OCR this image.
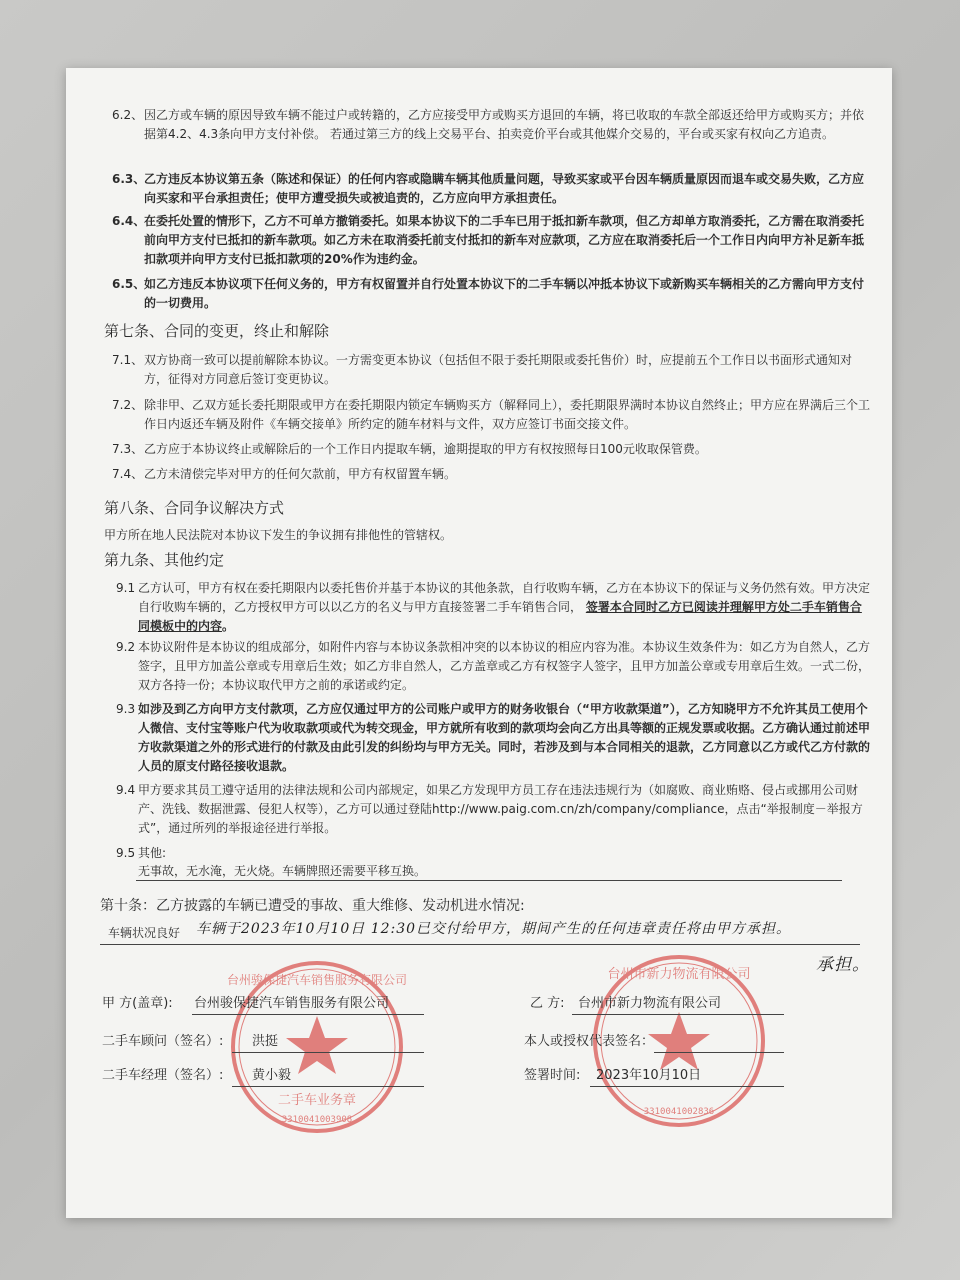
6.2、 因乙方或车辆的原因导致车辆不能过户或转籍的，乙方应接受甲方或购买方退回的车辆，将已收取的车款全部返还给甲方或购买方；并依据第4.2、4.3条向甲方支付补偿。 若通过第三方的线上交易平台、拍卖竞价平台或其他媒介交易的，平台或买家有权向乙方追责。
6.3、
乙方违反本协议第五条（陈述和保证）的任何内容或隐瞒车辆其他质量问题，导致买家或平台因车辆质量原因而退车或交易失败，乙方应向买家和平台承担责任；使甲方遭受损失或被追责的，乙方应向甲方承担责任。
6.4、
在委托处置的情形下，乙方不可单方撤销委托。如果本协议下的二手车已用于抵扣新车款项，但乙方却单方取消委托，乙方需在取消委托前向甲方支付已抵扣的新车款项。如乙方未在取消委托前支付抵扣的新车对应款项，乙方应在取消委托后一个工作日内向甲方补足新车抵扣款项并向甲方支付已抵扣款项的20%作为违约金。
6.5、
如乙方违反本协议项下任何义务的，甲方有权留置并自行处置本协议下的二手车辆以冲抵本协议下或新购买车辆相关的乙方需向甲方支付的一切费用。
第七条、合同的变更，终止和解除
7.1、 双方协商一致可以提前解除本协议。一方需变更本协议（包括但不限于委托期限或委托售价）时，应提前五个工作日以书面形式通知对方，征得对方同意后签订变更协议。
7.2、 除非甲、乙双方延长委托期限或甲方在委托期限内锁定车辆购买方（解释同上），委托期限界满时本协议自然终止；甲方应在界满后三个工作日内返还车辆及附件《车辆交接单》所约定的随车材料与文件，双方应签订书面交接文件。
7.3、 乙方应于本协议终止或解除后的一个工作日内提取车辆，逾期提取的甲方有权按照每日100元收取保管费。
7.4、 乙方未清偿完毕对甲方的任何欠款前，甲方有权留置车辆。
第八条、合同争议解决方式
甲方所在地人民法院对本协议下发生的争议拥有排他性的管辖权。
第九条、其他约定
9.1 乙方认可，甲方有权在委托期限内以委托售价并基于本协议的其他条款，自行收购车辆，乙方在本协议下的保证与义务仍然有效。甲方决定自行收购车辆的，乙方授权甲方可以以乙方的名义与甲方直接签署二手车销售合同， 签署本合同时乙方已阅读并理解甲方处二手车销售合同模板中的内容。
9.2 本协议附件是本协议的组成部分，如附件内容与本协议条款相冲突的以本协议的相应内容为准。本协议生效条件为：如乙方为自然人，乙方签字，且甲方加盖公章或专用章后生效；如乙方非自然人，乙方盖章或乙方有权签字人签字，且甲方加盖公章或专用章后生效。一式二份，双方各持一份；本协议取代甲方之前的承诺或约定。
9.3 如涉及到乙方向甲方支付款项，乙方应仅通过甲方的公司账户或甲方的财务收银台（“甲方收款渠道”），乙方知晓甲方不允许其员工使用个人微信、支付宝等账户代为收取款项或代为转交现金，甲方就所有收到的款项均会向乙方出具等额的正规发票或收据。乙方确认通过前述甲方收款渠道之外的形式进行的付款及由此引发的纠纷均与甲方无关。同时，若涉及到与本合同相关的退款，乙方同意以乙方或代乙方付款的人员的原支付路径接收退款。
9.4 甲方要求其员工遵守适用的法律法规和公司内部规定，如果乙方发现甲方员工存在违法违规行为（如腐败、商业贿赂、侵占或挪用公司财产、洗钱、数据泄露、侵犯人权等），乙方可以通过登陆http://www.paig.com.cn/zh/company/compliance，点击“举报制度－举报方式”，通过所列的举报途径进行举报。
9.5 其他:
无事故，无水淹，无火烧。车辆牌照还需要平移互换。
第十条：乙方披露的车辆已遭受的事故、重大维修、发动机进水情况:
车辆状况良好 车辆于2023年10月10日 12:30已交付给甲方，期间产生的任何违章责任将由甲方承担。
承担。
台州骏保捷汽车销售服务有限公司
二手车业务章
3310041003908
台州市新力物流有限公司
3310041002836
甲 方(盖章): 台州骏保捷汽车销售服务有限公司
二手车顾问（签名）: 洪挺
二手车经理（签名）: 黄小毅
乙 方: 台州市新力物流有限公司
本人或授权代表签名：
签署时间: 2023年10月10日
